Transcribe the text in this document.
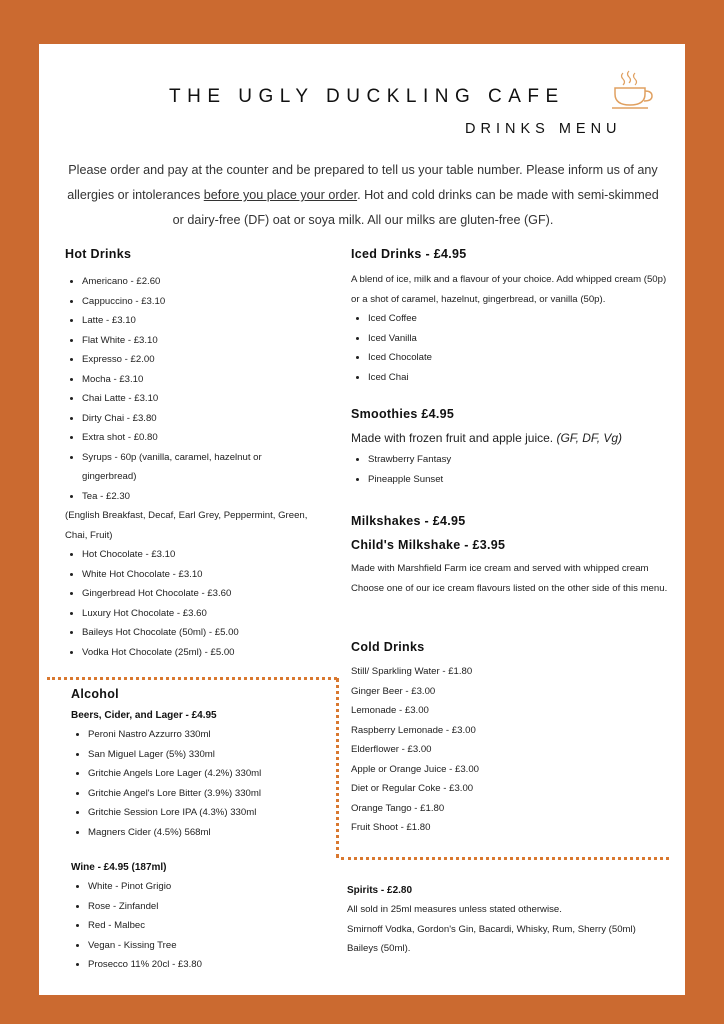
THE UGLY DUCKLING CAFE
DRINKS MENU
Please order and pay at the counter and be prepared to tell us your table number. Please inform us of any allergies or intolerances before you place your order. Hot and cold drinks can be made with semi-skimmed or dairy-free (DF) oat or soya milk. All our milks are gluten-free (GF).
Hot Drinks
Americano - £2.60
Cappuccino - £3.10
Latte - £3.10
Flat White - £3.10
Expresso - £2.00
Mocha - £3.10
Chai Latte - £3.10
Dirty Chai - £3.80
Extra shot - £0.80
Syrups - 60p (vanilla, caramel, hazelnut or gingerbread)
Tea - £2.30

(English Breakfast, Decaf, Earl Grey, Peppermint, Green, Chai, Fruit)

Hot Chocolate - £3.10
White Hot Chocolate - £3.10
Gingerbread Hot Chocolate - £3.60
Luxury Hot Chocolate - £3.60
Baileys Hot Chocolate (50ml) - £5.00
Vodka Hot Chocolate (25ml) - £5.00
Iced Drinks - £4.95

A blend of ice, milk and a flavour of your choice. Add whipped cream (50p) or a shot of caramel, hazelnut, gingerbread, or vanilla (50p).

Iced Coffee
Iced Vanilla
Iced Chocolate
Iced Chai
Smoothies £4.95
Made with frozen fruit and apple juice. (GF, DF, Vg)
Strawberry Fantasy
Pineapple Sunset
Milkshakes - £4.95
Child's Milkshake - £3.95

Made with Marshfield Farm ice cream and served with whipped cream Choose one of our ice cream flavours listed on the other side of this menu.

Cold Drinks
Still/ Sparkling Water - £1.80
Ginger Beer - £3.00
Lemonade - £3.00
Raspberry Lemonade - £3.00
Elderflower - £3.00
Apple or Orange Juice - £3.00
Diet or Regular Coke - £3.00
Orange Tango - £1.80
Fruit Shoot - £1.80
Alcohol
Beers, Cider, and Lager - £4.95
Peroni Nastro Azzurro 330ml
San Miguel Lager (5%) 330ml
Gritchie Angels Lore Lager (4.2%) 330ml
Gritchie Angel's Lore Bitter (3.9%) 330ml
Gritchie Session Lore IPA (4.3%) 330ml
Magners Cider (4.5%) 568ml
Wine - £4.95 (187ml)
White - Pinot Grigio
Rose - Zinfandel
Red - Malbec
Vegan - Kissing Tree
Prosecco 11% 20cl - £3.80
Spirits - £2.80

All sold in 25ml measures unless stated otherwise.

Smirnoff Vodka, Gordon's Gin, Bacardi, Whisky, Rum, Sherry (50ml) Baileys (50ml).
